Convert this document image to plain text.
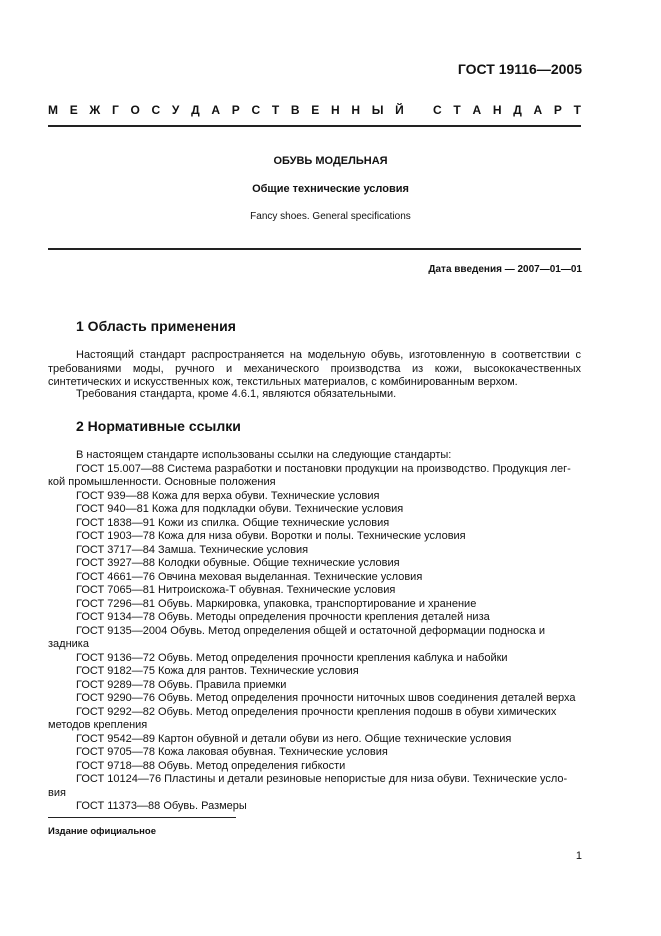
ГОСТ 19116—2005
М Е Ж Г О С У Д А Р С Т В Е Н Н Ы Й С Т А Н Д А Р Т
ОБУВЬ МОДЕЛЬНАЯ
Общие технические условия
Fancy shoes. General specifications
Дата введения — 2007—01—01
1 Область применения
Настоящий стандарт распространяется на модельную обувь, изготовленную в соответствии с требованиями моды, ручного и механического производства из кожи, высококачественных синтетических и искусственных кож, текстильных материалов, с комбинированным верхом.
Требования стандарта, кроме 4.6.1, являются обязательными.
2 Нормативные ссылки
В настоящем стандарте использованы ссылки на следующие стандарты:
ГОСТ 15.007—88 Система разработки и постановки продукции на производство. Продукция лег-
кой промышленности. Основные положения
ГОСТ 939—88 Кожа для верха обуви. Технические условия
ГОСТ 940—81 Кожа для подкладки обуви. Технические условия
ГОСТ 1838—91 Кожи из спилка. Общие технические условия
ГОСТ 1903—78 Кожа для низа обуви. Воротки и полы. Технические условия
ГОСТ 3717—84 Замша. Технические условия
ГОСТ 3927—88 Колодки обувные. Общие технические условия
ГОСТ 4661—76 Овчина меховая выделанная. Технические условия
ГОСТ 7065—81 Нитроискожа-Т обувная. Технические условия
ГОСТ 7296—81 Обувь. Маркировка, упаковка, транспортирование и хранение
ГОСТ 9134—78 Обувь. Методы определения прочности крепления деталей низа
ГОСТ 9135—2004 Обувь. Метод определения общей и остаточной деформации подноска и
задника
ГОСТ 9136—72 Обувь. Метод определения прочности крепления каблука и набойки
ГОСТ 9182—75 Кожа для рантов. Технические условия
ГОСТ 9289—78 Обувь. Правила приемки
ГОСТ 9290—76 Обувь. Метод определения прочности ниточных швов соединения деталей верха
ГОСТ 9292—82 Обувь. Метод определения прочности крепления подошв в обуви химических
методов крепления
ГОСТ 9542—89 Картон обувной и детали обуви из него. Общие технические условия
ГОСТ 9705—78 Кожа лаковая обувная. Технические условия
ГОСТ 9718—88 Обувь. Метод определения гибкости
ГОСТ 10124—76 Пластины и детали резиновые непористые для низа обуви. Технические усло-
вия
ГОСТ 11373—88 Обувь. Размеры
Издание официальное
1
